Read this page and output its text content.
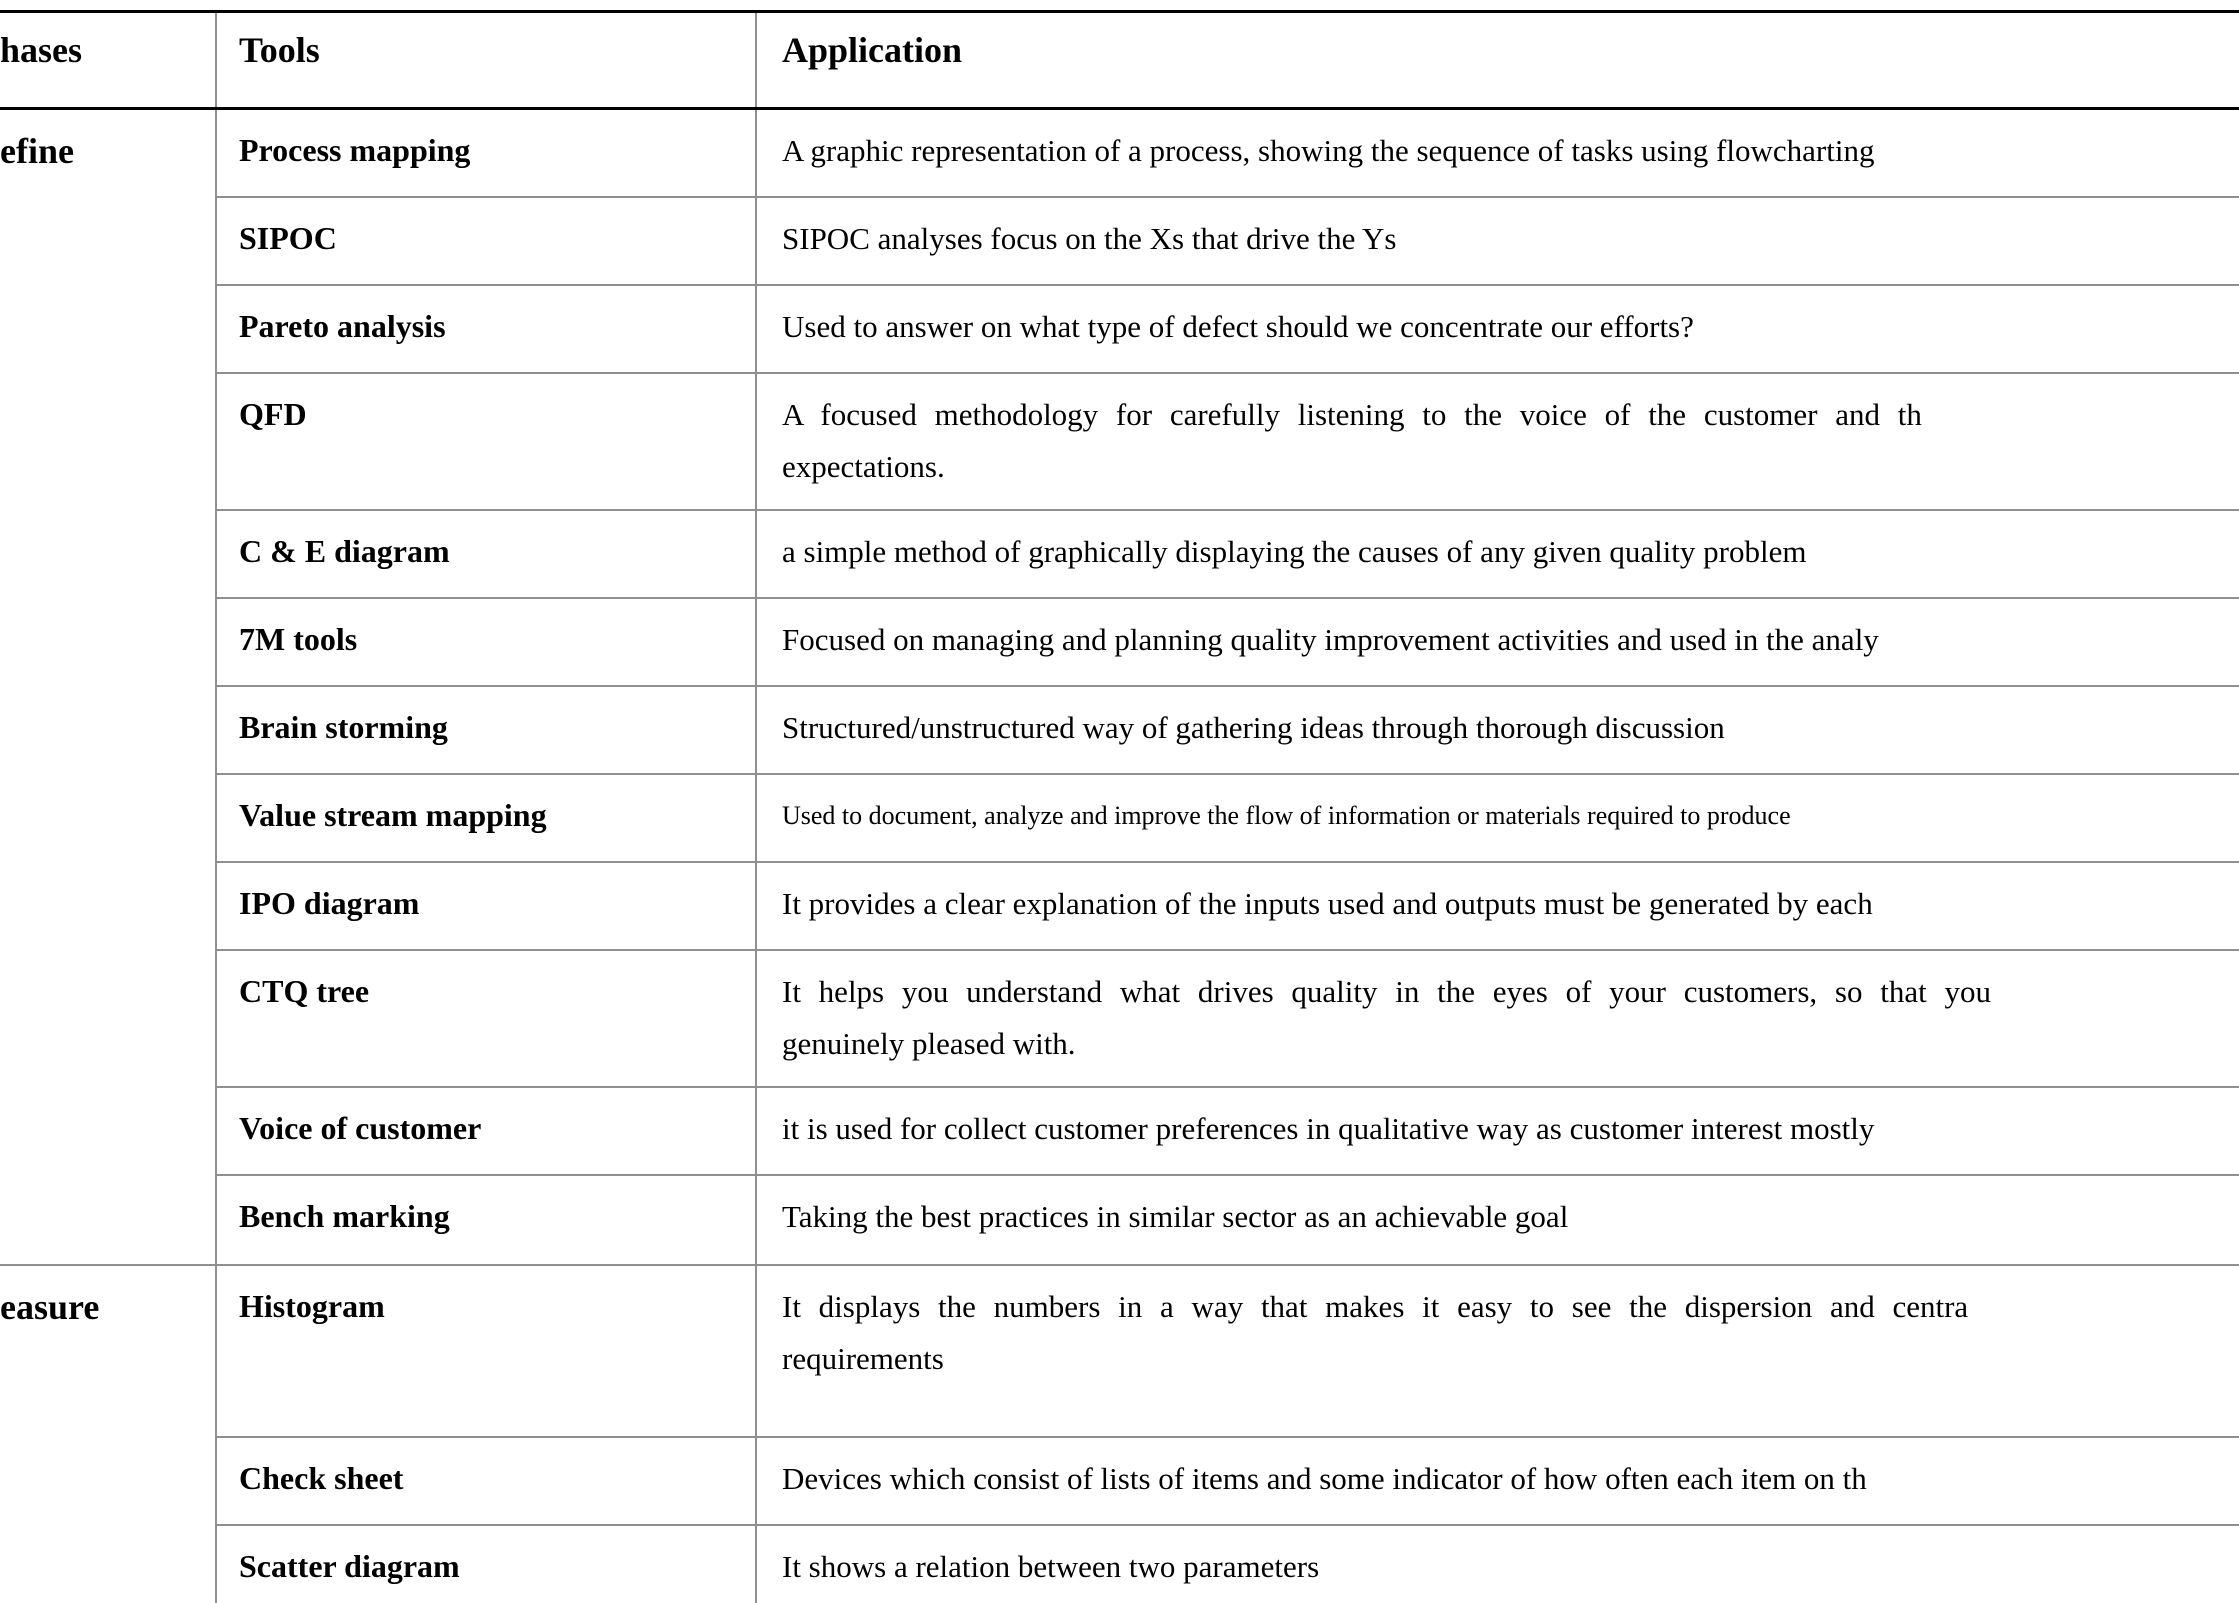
hases	Tools	Application
efine	Process mapping	A graphic representation of a process, showing the sequence of tasks using flowcharting
SIPOC	SIPOC analyses focus on the Xs that drive the Ys
Pareto analysis	Used to answer on what type of defect should we concentrate our efforts?
QFD	A focused methodology for carefully listening to the voice of the customer and th
expectations.
C & E diagram	a simple method of graphically displaying the causes of any given quality problem
7M tools	Focused on managing and planning quality improvement activities and used in the analy
Brain storming	Structured/unstructured way of gathering ideas through thorough discussion
Value stream mapping	Used to document, analyze and improve the flow of information or materials required to produce
IPO diagram	It provides a clear explanation of the inputs used and outputs must be generated by each
CTQ tree	It helps you understand what drives quality in the eyes of your customers, so that you
genuinely pleased with.
Voice of customer	it is used for collect customer preferences in qualitative way as customer interest mostly
Bench marking	Taking the best practices in similar sector as an achievable goal
easure	Histogram	It displays the numbers in a way that makes it easy to see the dispersion and centra
requirements
Check sheet	Devices which consist of lists of items and some indicator of how often each item on th
Scatter diagram	It shows a relation between two parameters
